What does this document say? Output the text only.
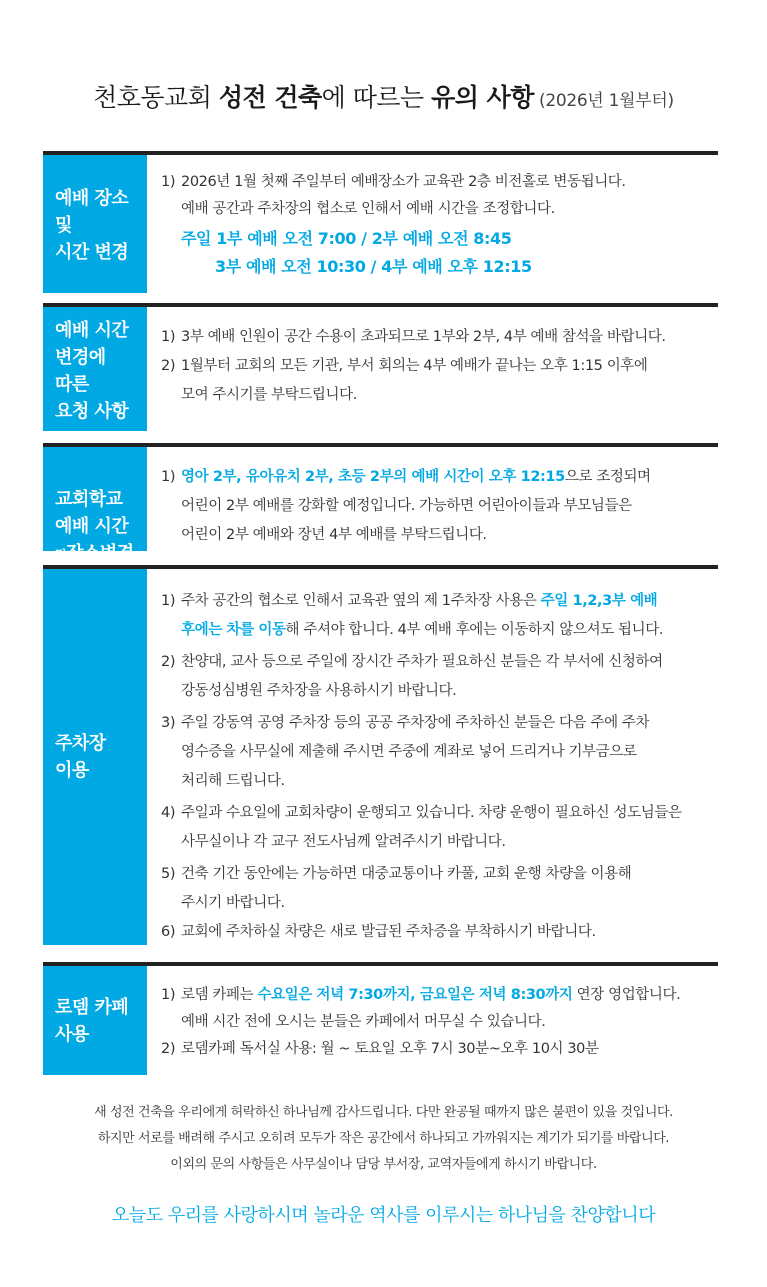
천호동교회 성전 건축에 따르는 유의 사항 (2026년 1월부터)
예배 장소
및
시간 변경
1) 2026년 1월 첫째 주일부터 예배장소가 교육관 2층 비전홀로 변동됩니다.
예배 공간과 주차장의 협소로 인해서 예배 시간을 조정합니다.
주일 1부 예배 오전 7:00 / 2부 예배 오전 8:45
3부 예배 오전 10:30 / 4부 예배 오후 12:15
예배 시간
변경에
따른
요청 사항
1) 3부 예배 인원이 공간 수용이 초과되므로 1부와 2부, 4부 예배 참석을 바랍니다.
2) 1월부터 교회의 모든 기관, 부서 회의는 4부 예배가 끝나는 오후 1:15 이후에
모여 주시기를 부탁드립니다.

교회학교
예배 시간
및장소변경

1) 영아 2부, 유아유치 2부, 초등 2부의 예배 시간이 오후 12:15으로 조정되며
어린이 2부 예배를 강화할 예정입니다. 가능하면 어린아이들과 부모님들은
어린이 2부 예배와 장년 4부 예배를 부탁드립니다.
주차장
이용
1) 주차 공간의 협소로 인해서 교육관 옆의 제 1주차장 사용은 주일 1,2,3부 예배
후에는 차를 이동해 주셔야 합니다. 4부 예배 후에는 이동하지 않으셔도 됩니다.
2) 찬양대, 교사 등으로 주일에 장시간 주차가 필요하신 분들은 각 부서에 신청하여
강동성심병원 주차장을 사용하시기 바랍니다.
3) 주일 강동역 공영 주차장 등의 공공 주차장에 주차하신 분들은 다음 주에 주차
영수증을 사무실에 제출해 주시면 주중에 계좌로 넣어 드리거나 기부금으로
처리해 드립니다.
4) 주일과 수요일에 교회차량이 운행되고 있습니다. 차량 운행이 필요하신 성도님들은
사무실이나 각 교구 전도사님께 알려주시기 바랍니다.
5) 건축 기간 동안에는 가능하면 대중교통이나 카풀, 교회 운행 차량을 이용해
주시기 바랍니다.
6) 교회에 주차하실 차량은 새로 발급된 주차증을 부착하시기 바랍니다.
로뎀 카페
사용
1) 로뎀 카페는 수요일은 저녁 7:30까지, 금요일은 저녁 8:30까지 연장 영업합니다.
예배 시간 전에 오시는 분들은 카페에서 머무실 수 있습니다.
2) 로뎀카페 독서실 사용: 월 ~ 토요일 오후 7시 30분~오후 10시 30분
새 성전 건축을 우리에게 허락하신 하나님께 감사드립니다. 다만 완공될 때까지 많은 불편이 있을 것입니다.
하지만 서로를 배려해 주시고 오히려 모두가 작은 공간에서 하나되고 가까워지는 계기가 되기를 바랍니다.
이외의 문의 사항들은 사무실이나 담당 부서장, 교역자들에게 하시기 바랍니다.
오늘도 우리를 사랑하시며 놀라운 역사를 이루시는 하나님을 찬양합니다
